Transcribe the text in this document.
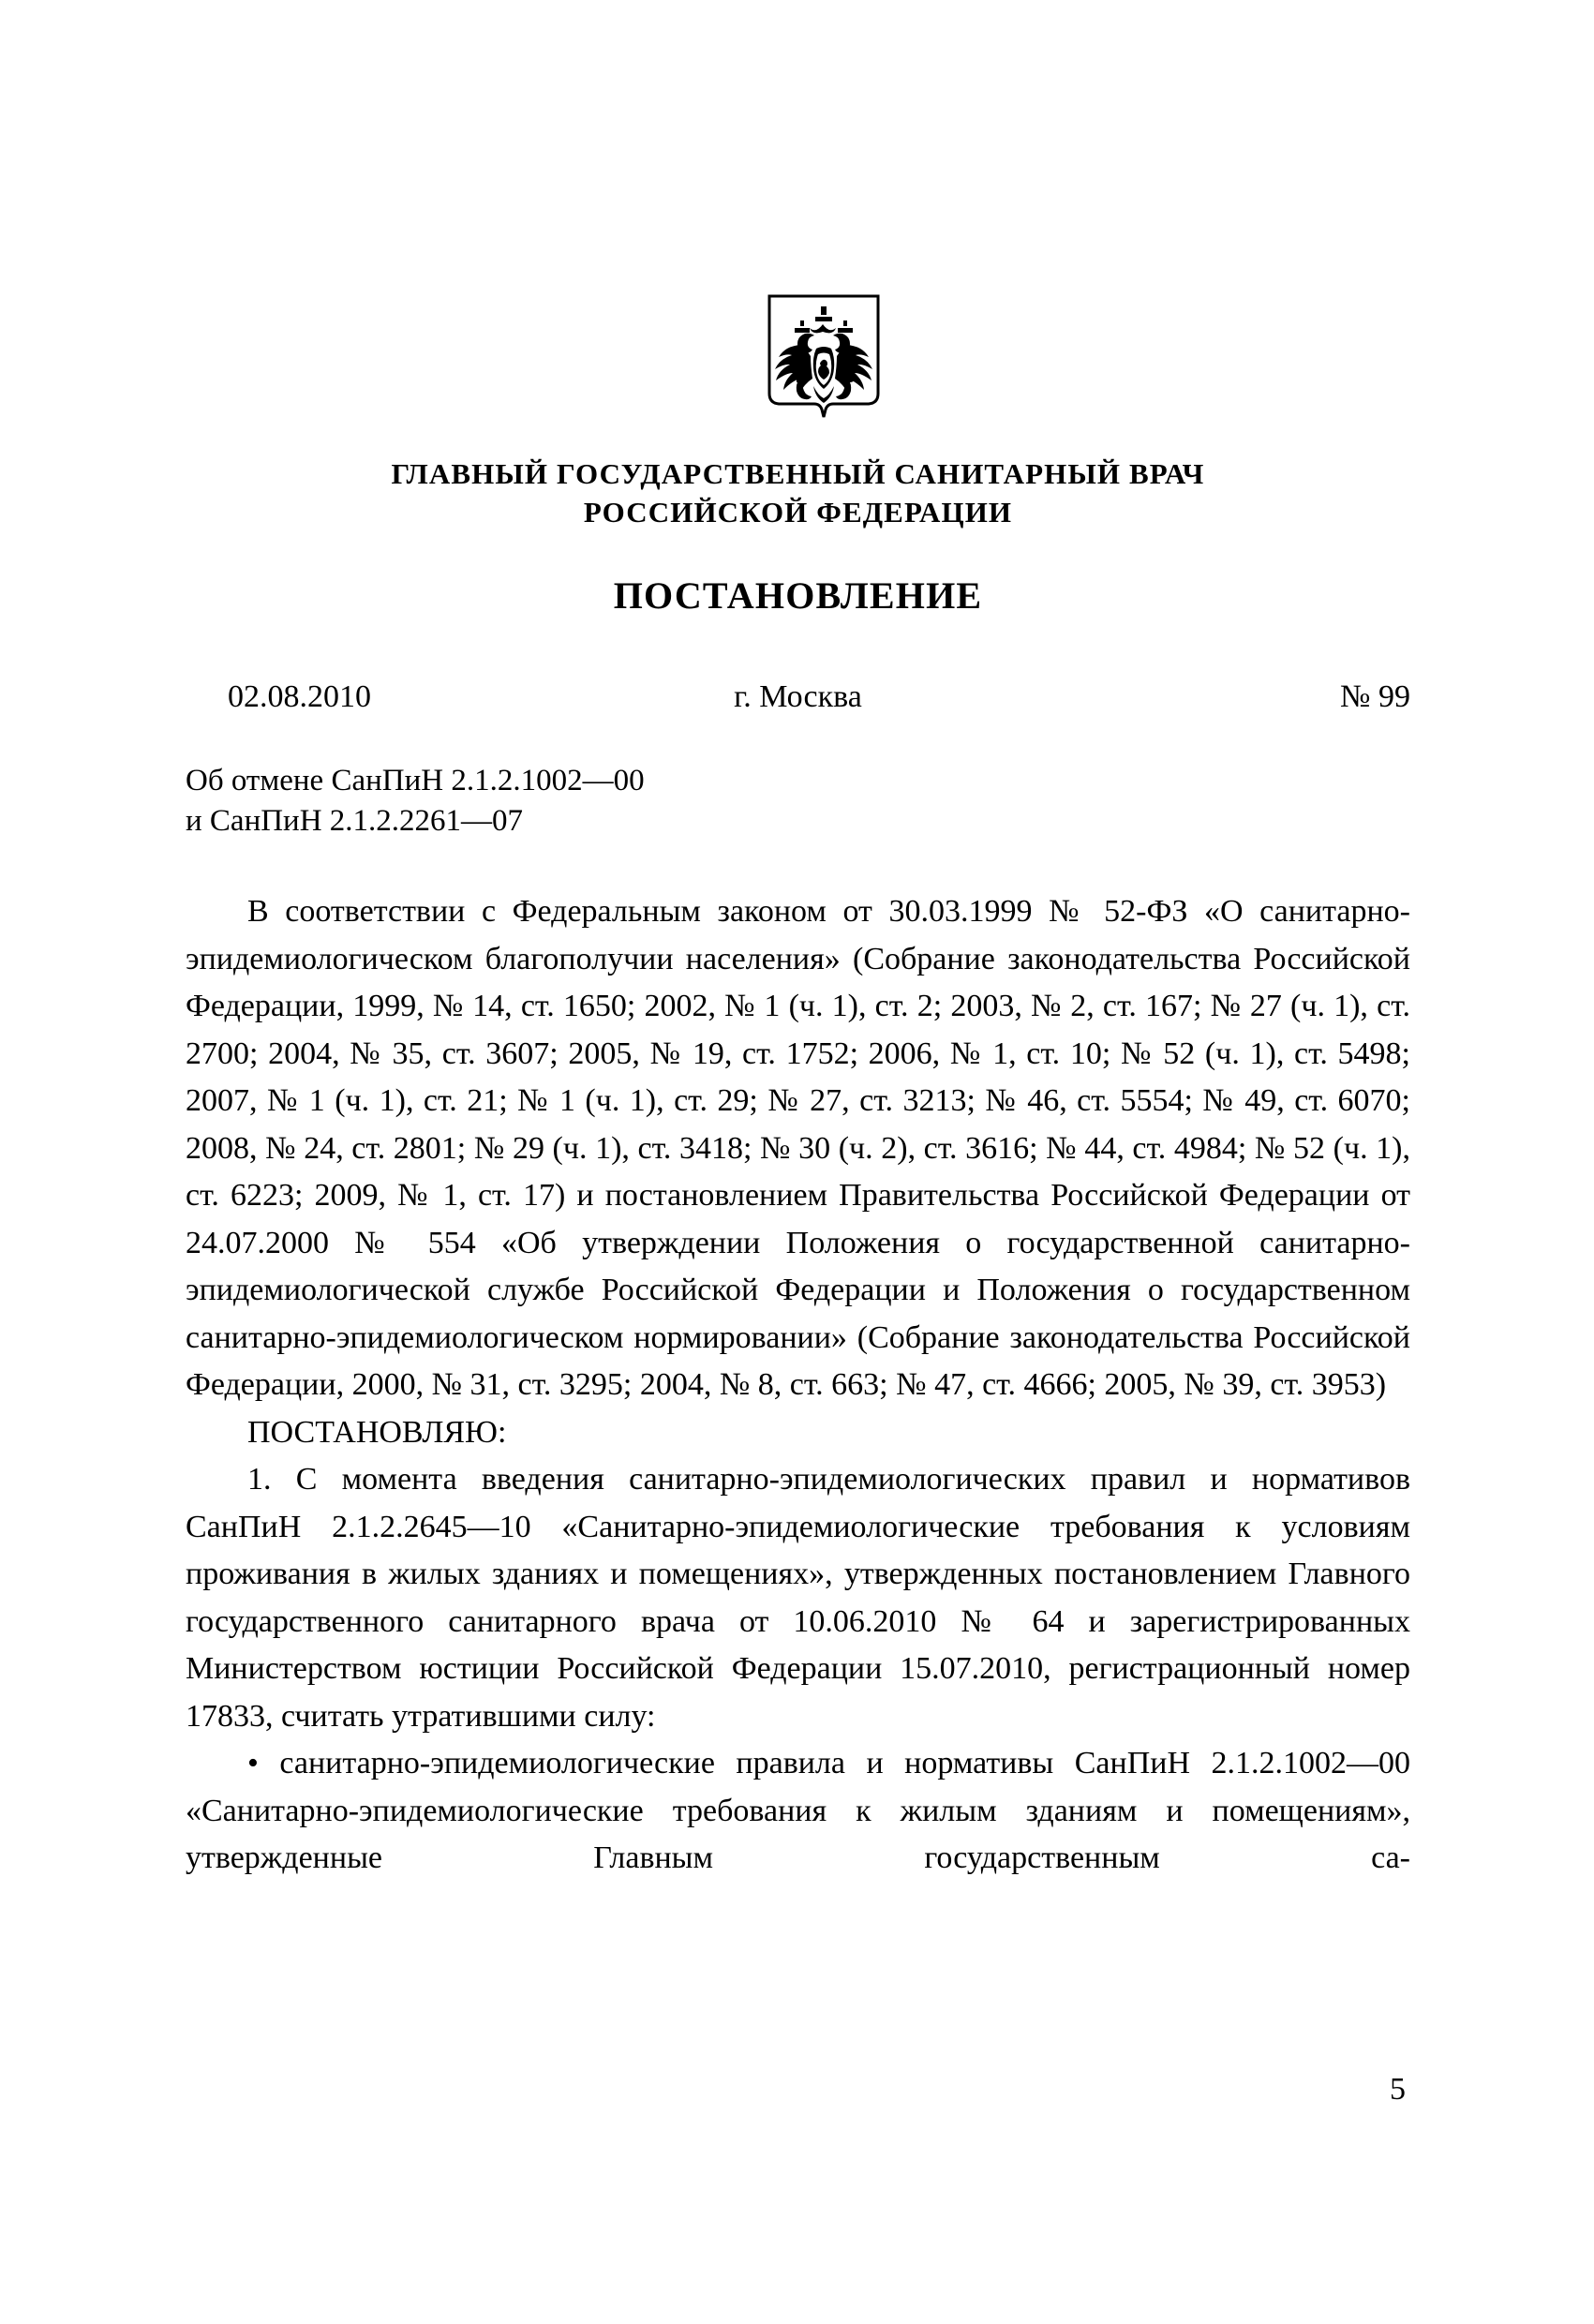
ГЛАВНЫЙ ГОСУДАРСТВЕННЫЙ САНИТАРНЫЙ ВРАЧ
РОССИЙСКОЙ ФЕДЕРАЦИИ
ПОСТАНОВЛЕНИЕ
02.08.2010	г. Москва	№ 99
Об отмене СанПиН 2.1.2.1002—00
и СанПиН 2.1.2.2261—07

В соответствии с Федеральным законом от 30.03.1999 № 52-ФЗ «О санитарно-эпидемиологическом благополучии населения» (Собрание законодательства Российской Федерации, 1999, № 14, ст. 1650; 2002, № 1 (ч. 1), ст. 2; 2003, № 2, ст. 167; № 27 (ч. 1), ст. 2700; 2004, № 35, ст. 3607; 2005, № 19, ст. 1752; 2006, № 1, ст. 10; № 52 (ч. 1), ст. 5498; 2007, № 1 (ч. 1), ст. 21; № 1 (ч. 1), ст. 29; № 27, ст. 3213; № 46, ст. 5554; № 49, ст. 6070; 2008, № 24, ст. 2801; № 29 (ч. 1), ст. 3418; № 30 (ч. 2), ст. 3616; № 44, ст. 4984; № 52 (ч. 1), ст. 6223; 2009, № 1, ст. 17) и постановлением Правительства Российской Федерации от 24.07.2000 № 554 «Об утверждении Положения о государственной санитарно-эпидемиологической службе Российской Федерации и Положения о государственном санитарно-эпидемиологическом нормировании» (Собрание законодательства Российской Федерации, 2000, № 31, ст. 3295; 2004, № 8, ст. 663; № 47, ст. 4666; 2005, № 39, ст. 3953)

ПОСТАНОВЛЯЮ:

1. С момента введения санитарно-эпидемиологических правил и нормативов СанПиН 2.1.2.2645—10 «Санитарно-эпидемиологические требования к условиям проживания в жилых зданиях и помещениях», утвержденных постановлением Главного государственного санитарного врача от 10.06.2010 № 64 и зарегистрированных Министерством юстиции Российской Федерации 15.07.2010, регистрационный номер 17833, считать утратившими силу:

• санитарно-эпидемиологические правила и нормативы СанПиН 2.1.2.1002—00 «Санитарно-эпидемиологические требования к жилым зданиям и помещениям», утвержденные Главным государственным са-

5
